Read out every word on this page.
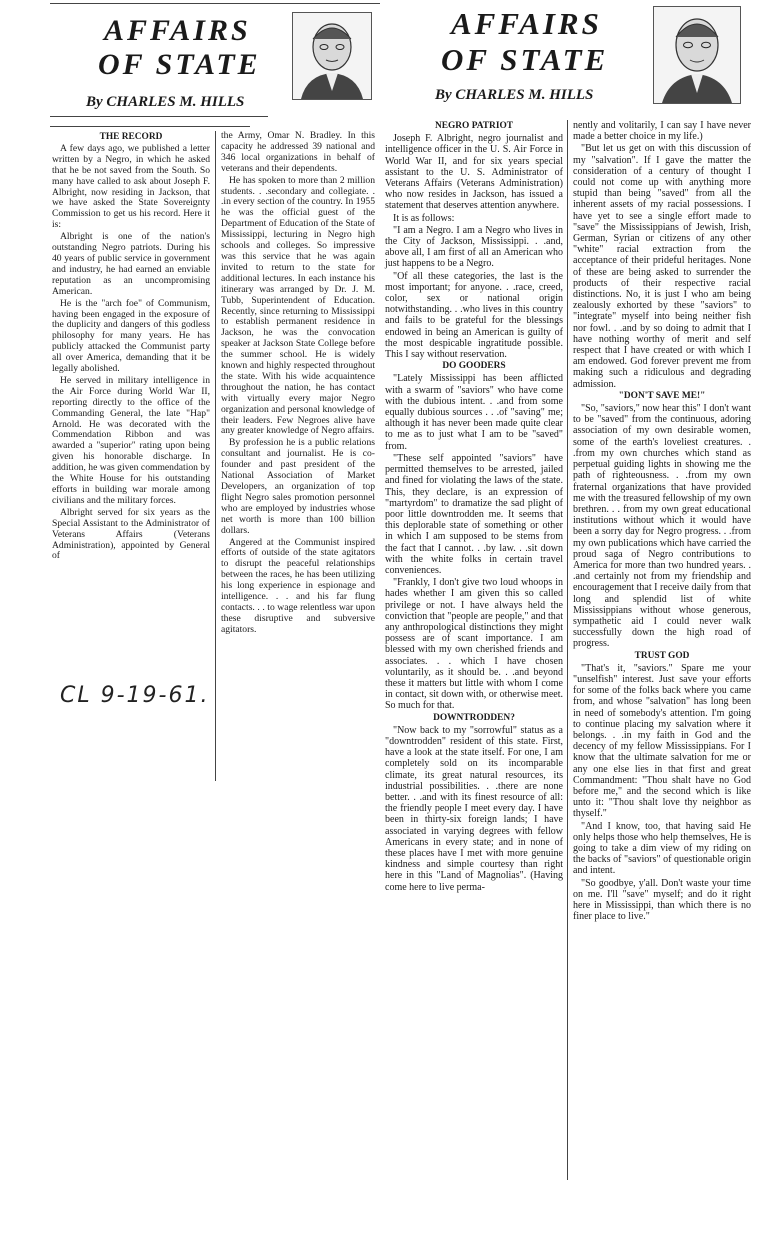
AFFAIRS
OF STATE
By CHARLES M. HILLS
THE RECORD

A few days ago, we published a letter written by a Negro, in which he asked that he be not saved from the South. So many have called to ask about Joseph F. Albright, now residing in Jackson, that we have asked the State Sovereignty Commission to get us his record. Here it is:

Albright is one of the nation's outstanding Negro patriots. During his 40 years of public service in government and industry, he had earned an enviable reputation as an uncompromising American.

He is the "arch foe" of Communism, having been engaged in the exposure of the duplicity and dangers of this godless philosophy for many years. He has publicly attacked the Communist party all over America, demanding that it be legally abolished.

He served in military intelligence in the Air Force during World War II, reporting directly to the office of the Commanding General, the late "Hap" Arnold. He was decorated with the Commendation Ribbon and was awarded a "superior" rating upon being given his honorable discharge. In addition, he was given commendation by the White House for his outstanding efforts in building war morale among civilians and the military forces.

Albright served for six years as the Special Assistant to the Administrator of Veterans Affairs (Veterans Administration), appointed by General of

the Army, Omar N. Bradley. In this capacity he addressed 39 national and 346 local organizations in behalf of veterans and their dependents.

He has spoken to more than 2 million students. . .secondary and collegiate. . .in every section of the country. In 1955 he was the official guest of the Department of Education of the State of Mississippi, lecturing in Negro high schools and colleges. So impressive was this service that he was again invited to return to the state for additional lectures. In each instance his itinerary was arranged by Dr. J. M. Tubb, Superintendent of Education. Recently, since returning to Mississippi to establish permanent residence in Jackson, he was the convocation speaker at Jackson State College before the summer school. He is widely known and highly respected throughout the state. With his wide acquaintence throughout the nation, he has contact with virtually every major Negro organization and personal knowledge of their leaders. Few Negroes alive have any greater knowledge of Negro affairs.

By profession he is a public relations consultant and journalist. He is co-founder and past president of the National Association of Market Developers, an organization of top flight Negro sales promotion personnel who are employed by industries whose net worth is more than 100 billion dollars.

Angered at the Communist inspired efforts of outside of the state agitators to disrupt the peaceful relationships between the races, he has been utilizing his long experience in espionage and intelligence. . . and his far flung contacts. . . to wage relentless war upon these disruptive and subversive agitators.

CL 9-19-61.
AFFAIRS
OF STATE
By CHARLES M. HILLS
NEGRO PATRIOT

Joseph F. Albright, negro journalist and intelligence officer in the U. S. Air Force in World War II, and for six years special assistant to the U. S. Administrator of Veterans Affairs (Veterans Administration) who now resides in Jackson, has issued a statement that deserves attention anywhere.

It is as follows:

"I am a Negro. I am a Negro who lives in the City of Jackson, Mississippi. . .and, above all, I am first of all an American who just happens to be a Negro.

"Of all these categories, the last is the most important; for anyone. . .race, creed, color, sex or national origin notwithstanding. . .who lives in this country and fails to be grateful for the blessings endowed in being an American is guilty of the most despicable ingratitude possible. This I say without reservation.

DO GOODERS

"Lately Mississippi has been afflicted with a swarm of "saviors" who have come with the dubious intent. . .and from some equally dubious sources . . .of "saving" me; although it has never been made quite clear to me as to just what I am to be "saved" from.

"These self appointed "saviors" have permitted themselves to be arrested, jailed and fined for violating the laws of the state. This, they declare, is an expression of "martyrdom" to dramatize the sad plight of poor little downtrodden me. It seems that this deplorable state of something or other in which I am supposed to be stems from the fact that I cannot. . .by law. . .sit down with the white folks in certain travel conveniences.

"Frankly, I don't give two loud whoops in hades whether I am given this so called privilege or not. I have always held the conviction that "people are people," and that any anthropological distinctions they might possess are of scant importance. I am blessed with my own cherished friends and associates. . . which I have chosen voluntarily, as it should be. . .and beyond these it matters but little with whom I come in contact, sit down with, or otherwise meet. So much for that.

DOWNTRODDEN?

"Now back to my "sorrowful" status as a "downtrodden" resident of this state. First, have a look at the state itself. For one, I am completely sold on its incomparable climate, its great natural resources, its industrial possibilities. . .there are none better. . .and with its finest resource of all: the friendly people I meet every day. I have been in thirty-six foreign lands; I have associated in varying degrees with fellow Americans in every state; and in none of these places have I met with more genuine kindness and simple courtesy than right here in this "Land of Magnolias". (Having come here to live perma-

nently and volitarily, I can say I have never made a better choice in my life.)

"But let us get on with this discussion of my "salvation". If I gave the matter the consideration of a century of thought I could not come up with anything more stupid than being "saved" from all the inherent assets of my racial possessions. I have yet to see a single effort made to "save" the Mississippians of Jewish, Irish, German, Syrian or citizens of any other "white" racial extraction from the acceptance of their prideful heritages. None of these are being asked to surrender the products of their respective racial distinctions. No, it is just I who am being zealously exhorted by these "saviors" to "integrate" myself into being neither fish nor fowl. . .and by so doing to admit that I have nothing worthy of merit and self respect that I have created or with which I am endowed. God forever prevent me from making such a ridiculous and degrading admission.

"DON'T SAVE ME!"

"So, "saviors," now hear this" I don't want to be "saved" from the continuous, adoring association of my own desirable women, some of the earth's loveliest creatures. . .from my own churches which stand as perpetual guiding lights in showing me the path of righteousness. . .from my own fraternal organizations that have provided me with the treasured fellowship of my own brethren. . . from my own great educational institutions without which it would have been a sorry day for Negro progress. . .from my own publications which have carried the proud saga of Negro contributions to America for more than two hundred years. . .and certainly not from my friendship and encouragement that I receive daily from that long and splendid list of white Mississippians without whose generous, sympathetic aid I could never walk successfully down the high road of progress.

TRUST GOD

"That's it, "saviors." Spare me your "unselfish" interest. Just save your efforts for some of the folks back where you came from, and whose "salvation" has long been in need of somebody's attention. I'm going to continue placing my salvation where it belongs. . .in my faith in God and the decency of my fellow Mississippians. For I know that the ultimate salvation for me or any one else lies in that first and great Commandment: "Thou shalt have no God before me," and the second which is like unto it: "Thou shalt love thy neighbor as thyself."

"And I know, too, that having said He only helps those who help themselves, He is going to take a dim view of my riding on the backs of "saviors" of questionable origin and intent.

"So goodbye, y'all. Don't waste your time on me. I'll "save" myself; and do it right here in Mississippi, than which there is no finer place to live."
